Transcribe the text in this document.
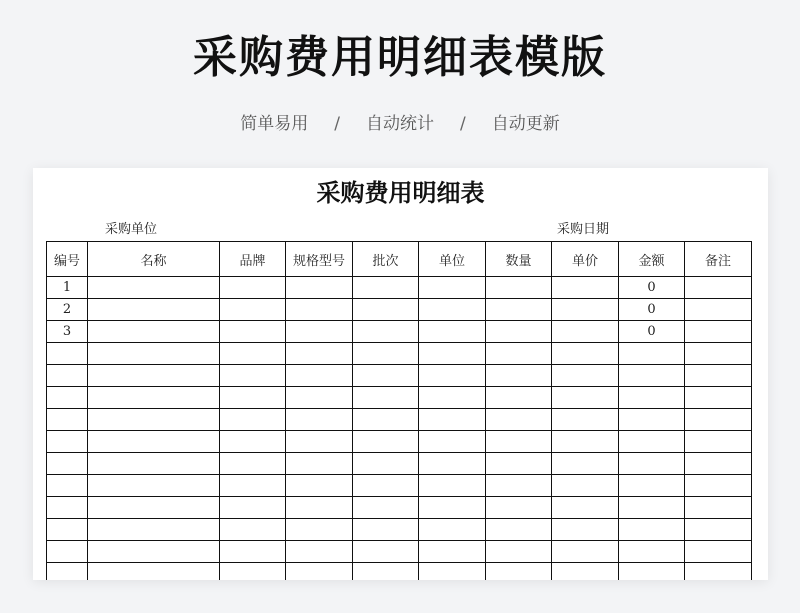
采购费用明细表模版
简单易用 / 自动统计 / 自动更新
采购费用明细表
采购单位	采购日期
编号	名称	品牌	规格型号	批次	单位	数量	单价	金额	备注
1								0	
2								0	
3								0	
